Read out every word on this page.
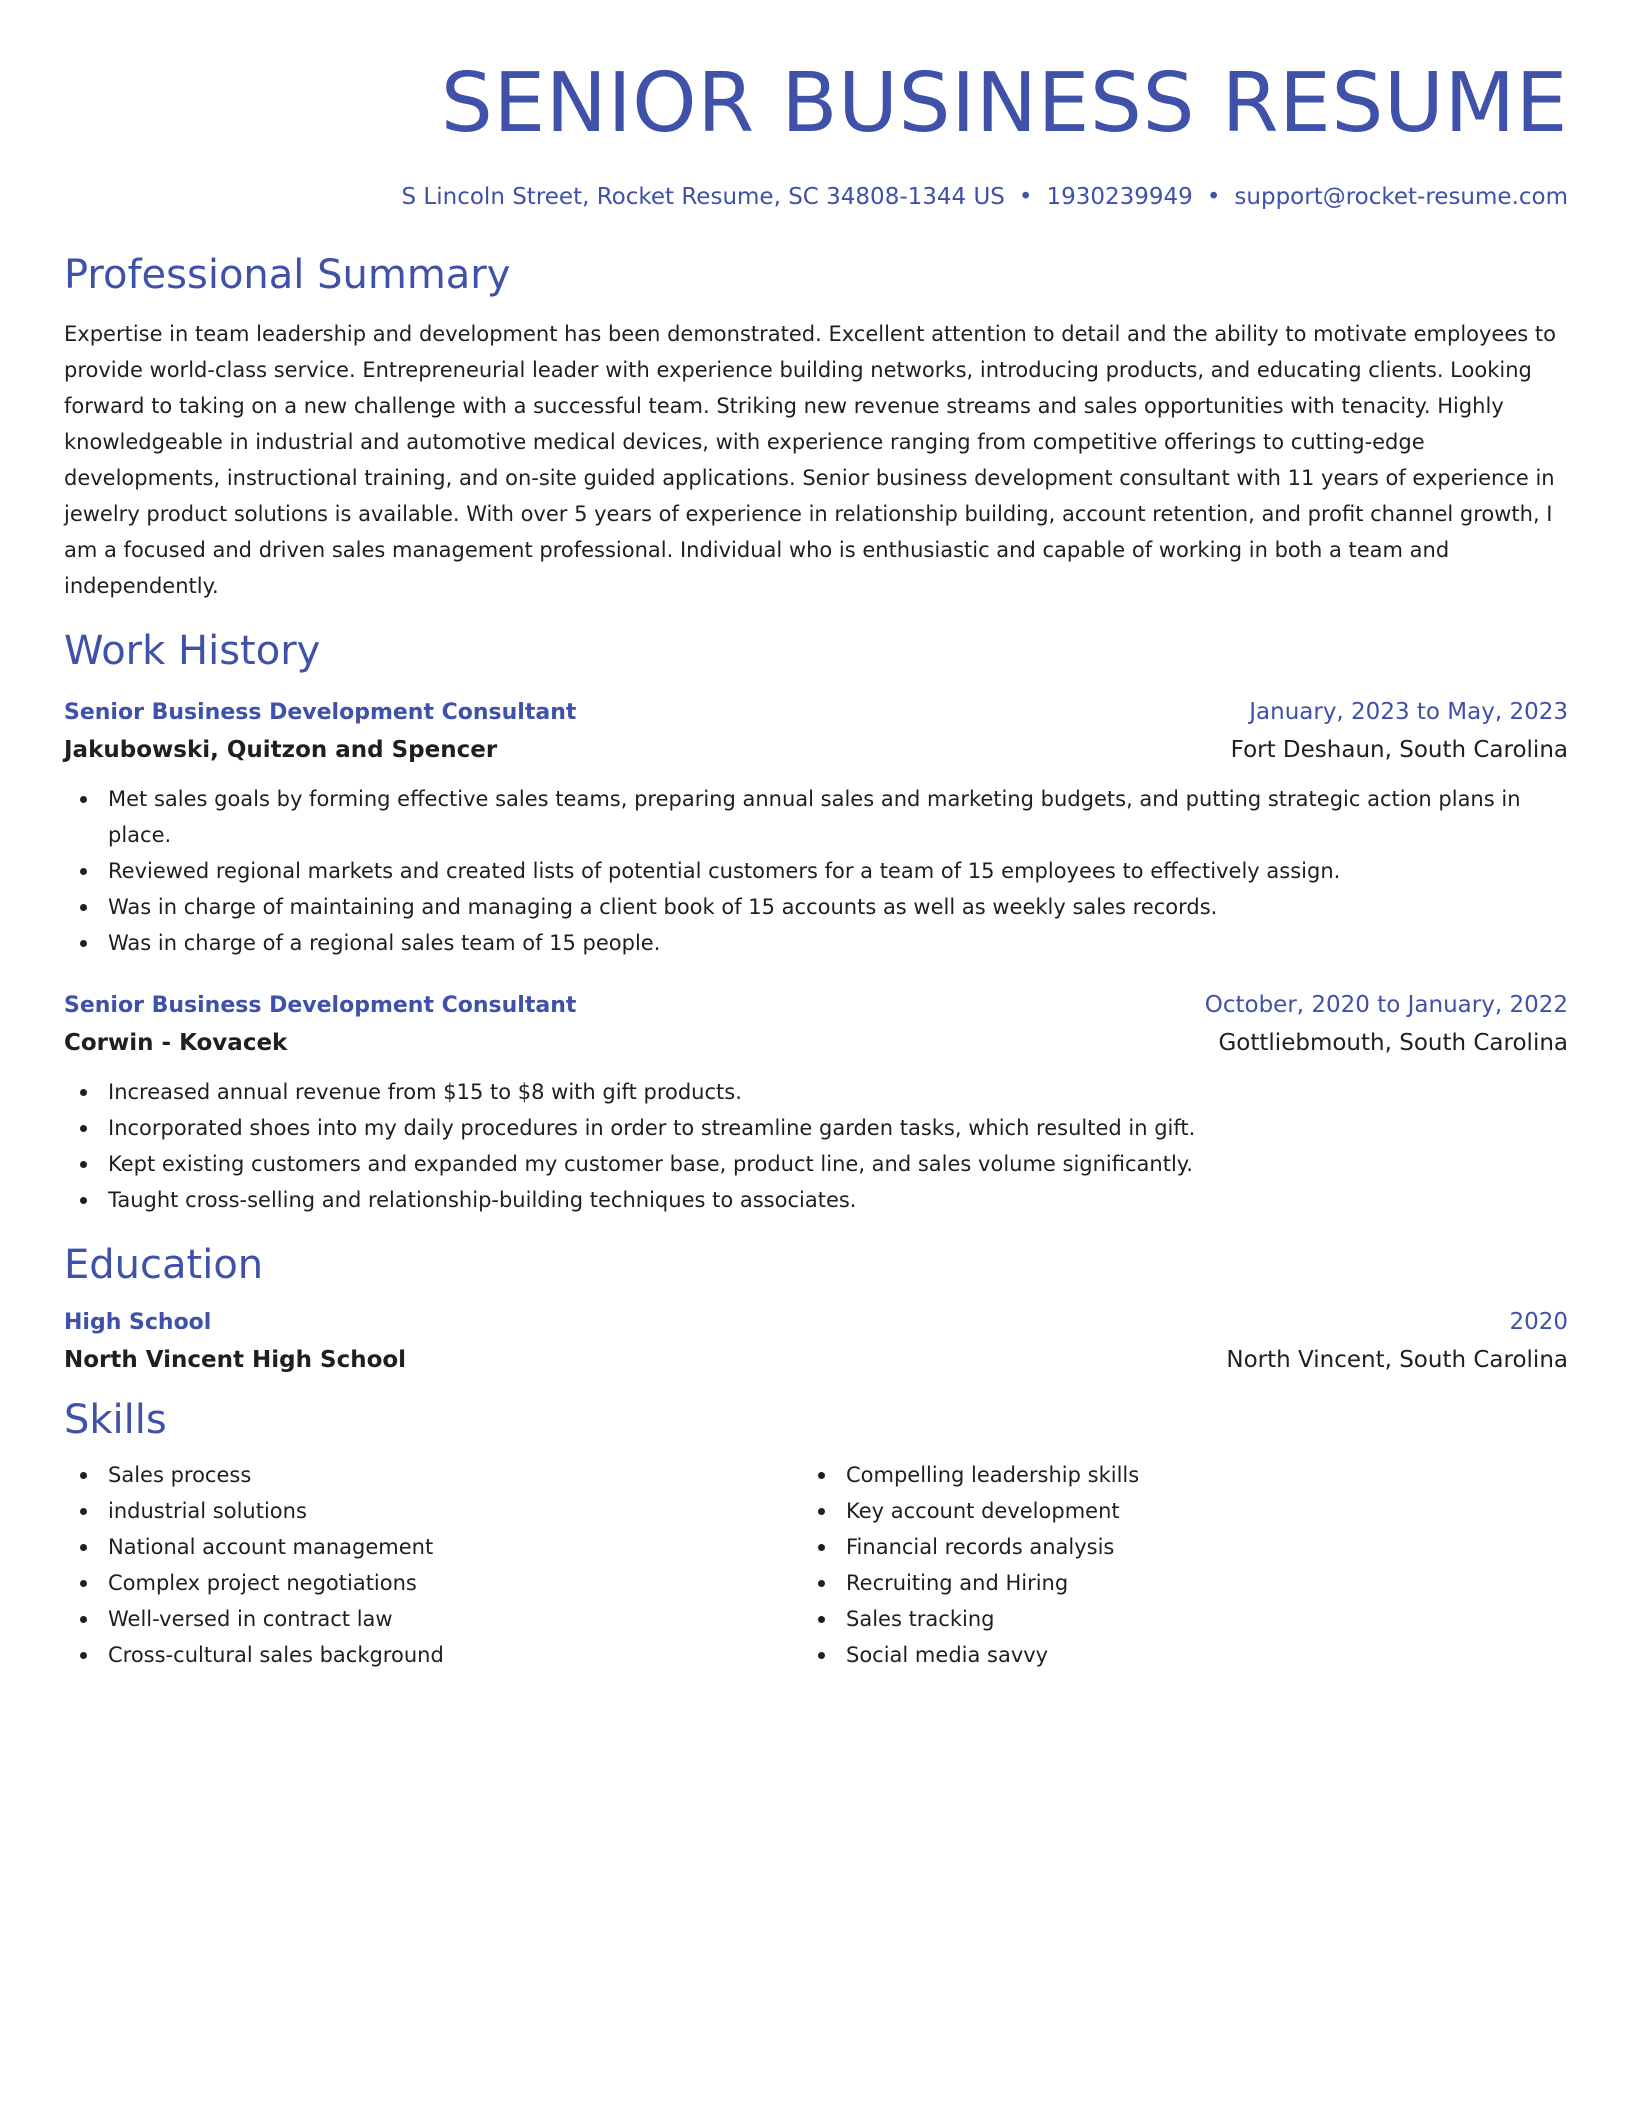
SENIOR BUSINESS RESUME
S Lincoln Street, Rocket Resume, SC 34808-1344 US • 1930239949 • support@rocket-resume.com
Professional Summary

Expertise in team leadership and development has been demonstrated. Excellent attention to detail and the ability to motivate employees to provide world-class service. Entrepreneurial leader with experience building networks, introducing products, and educating clients. Looking forward to taking on a new challenge with a successful team. Striking new revenue streams and sales opportunities with tenacity. Highly knowledgeable in industrial and automotive medical devices, with experience ranging from competitive offerings to cutting-edge developments, instructional training, and on-site guided applications. Senior business development consultant with 11 years of experience in jewelry product solutions is available. With over 5 years of experience in relationship building, account retention, and profit channel growth, I am a focused and driven sales management professional. Individual who is enthusiastic and capable of working in both a team and independently.

Work History
Senior Business Development Consultant	January, 2023 to May, 2023
Jakubowski, Quitzon and Spencer	Fort Deshaun, South Carolina
Met sales goals by forming effective sales teams, preparing annual sales and marketing budgets, and putting strategic action plans in place.
Reviewed regional markets and created lists of potential customers for a team of 15 employees to effectively assign.
Was in charge of maintaining and managing a client book of 15 accounts as well as weekly sales records.
Was in charge of a regional sales team of 15 people.
Senior Business Development Consultant	October, 2020 to January, 2022
Corwin - Kovacek	Gottliebmouth, South Carolina
Increased annual revenue from $15 to $8 with gift products.
Incorporated shoes into my daily procedures in order to streamline garden tasks, which resulted in gift.
Kept existing customers and expanded my customer base, product line, and sales volume significantly.
Taught cross-selling and relationship-building techniques to associates.
Education
High School	2020
North Vincent High School	North Vincent, South Carolina
Skills
Sales process
industrial solutions
National account management
Complex project negotiations
Well-versed in contract law
Cross-cultural sales background
Compelling leadership skills
Key account development
Financial records analysis
Recruiting and Hiring
Sales tracking
Social media savvy
